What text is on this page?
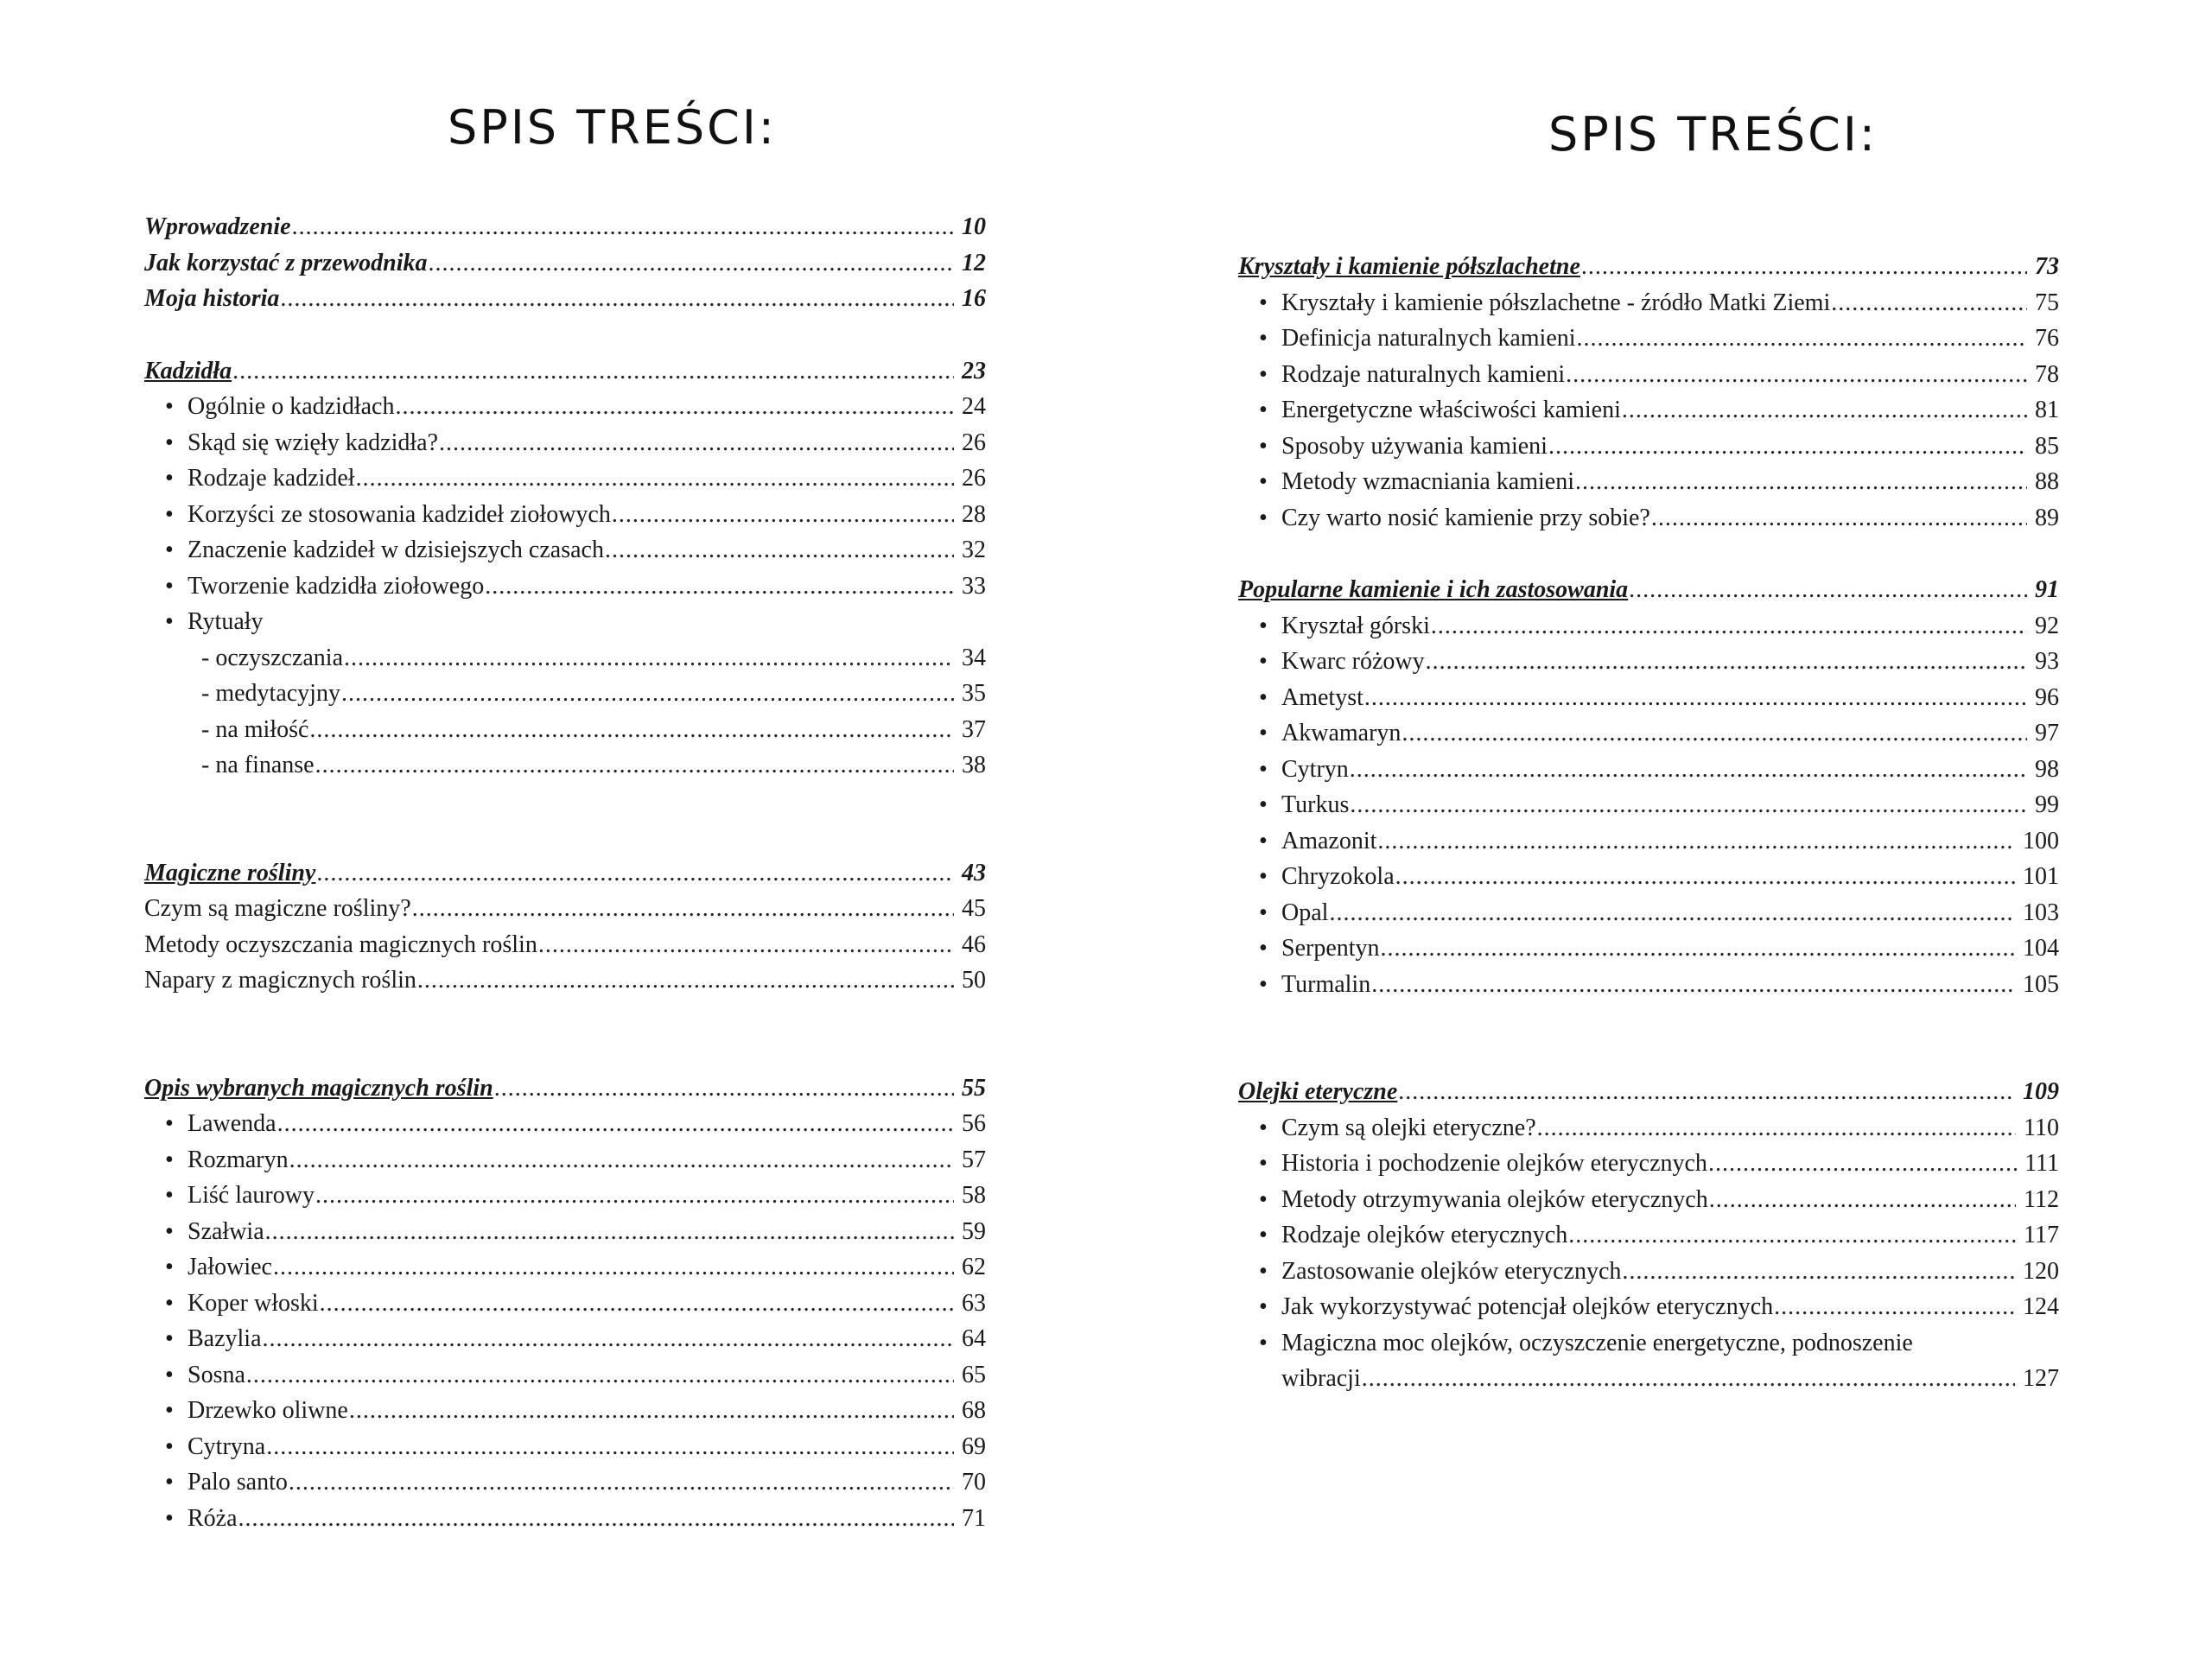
SPIS TREŚCI:
Wprowadzenie .....	10
Jak korzystać z przewodnika .....	12
Moja historia .....	16
Kadzidła .....	23
• Ogólnie o kadzidłach .....	24
• Skąd się wzięły kadzidła? .....	26
• Rodzaje kadzideł .....	26
• Korzyści ze stosowania kadzideł ziołowych .....	28
• Znaczenie kadzideł w dzisiejszych czasach .....	32
• Tworzenie kadzidła ziołowego .....	33
• Rytuały
- oczyszczania .....	34
- medytacyjny .....	35
- na miłość .....	37
- na finanse .....	38
Magiczne rośliny .....	43
Czym są magiczne rośliny? .....	45
Metody oczyszczania magicznych roślin .....	46
Napary z magicznych roślin .....	50
Opis wybranych magicznych roślin .....	55
• Lawenda .....	56
• Rozmaryn .....	57
• Liść laurowy .....	58
• Szałwia .....	59
• Jałowiec .....	62
• Koper włoski .....	63
• Bazylia .....	64
• Sosna .....	65
• Drzewko oliwne .....	68
• Cytryna .....	69
• Palo santo .....	70
• Róża .....	71
SPIS TREŚCI:
Kryształy i kamienie półszlachetne .....	73
• Kryształy i kamienie półszlachetne - źródło Matki Ziemi .....	75
• Definicja naturalnych kamieni .....	76
• Rodzaje naturalnych kamieni .....	78
• Energetyczne właściwości kamieni .....	81
• Sposoby używania kamieni .....	85
• Metody wzmacniania kamieni .....	88
• Czy warto nosić kamienie przy sobie? .....	89
Popularne kamienie i ich zastosowania .....	91
• Kryształ górski .....	92
• Kwarc różowy .....	93
• Ametyst .....	96
• Akwamaryn .....	97
• Cytryn .....	98
• Turkus .....	99
• Amazonit .....	100
• Chryzokola .....	101
• Opal .....	103
• Serpentyn .....	104
• Turmalin .....	105
Olejki eteryczne .....	109
• Czym są olejki eteryczne? .....	110
• Historia i pochodzenie olejków eterycznych .....	111
• Metody otrzymywania olejków eterycznych .....	112
• Rodzaje olejków eterycznych .....	117
• Zastosowanie olejków eterycznych .....	120
• Jak wykorzystywać potencjał olejków eterycznych .....	124
• Magiczna moc olejków, oczyszczenie energetyczne, podnoszenie
wibracji .....	127
